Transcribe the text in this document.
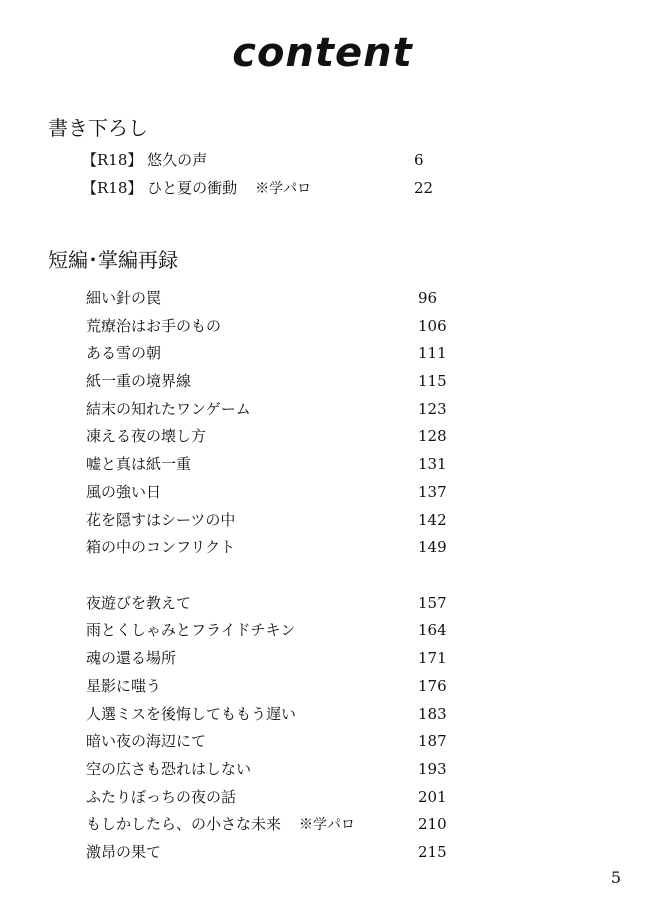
content
書き下ろし
【R18】 悠久の声	6
【R18】 ひと夏の衝動 ※学パロ	22
短編･掌編再録
細い針の罠	96
荒療治はお手のもの	106
ある雪の朝	111
紙一重の境界線	115
結末の知れたワンゲーム	123
凍える夜の壊し方	128
嘘と真は紙一重	131
風の強い日	137
花を隠すはシーツの中	142
箱の中のコンフリクト	149
夜遊びを教えて	157
雨とくしゃみとフライドチキン	164
魂の還る場所	171
星影に嗤う	176
人選ミスを後悔してももう遅い	183
暗い夜の海辺にて	187
空の広さも恐れはしない	193
ふたりぼっちの夜の話	201
もしかしたら、の小さな未来 ※学パロ	210
激昂の果て	215
5
